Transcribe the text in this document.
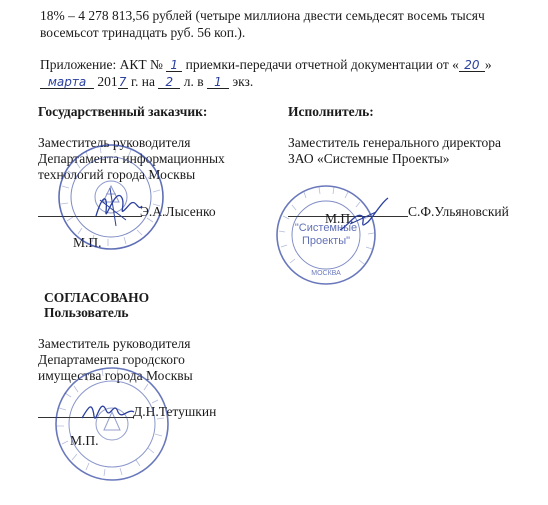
18% – 4 278 813,56 рублей (четыре миллиона двести семьдесят восемь тысяч
восемьсот тринадцать руб. 56 коп.).
Приложение: АКТ № 1 приемки-передачи отчетной документации от « 20 »
марта 2017 г. на 2 л. в 1 экз.
Государственный заказчик:
Заместитель руководителя
Департамента информационных
технологий города Москвы
Э.А.Лысенко
М.П.
Исполнитель:
Заместитель генерального директора
ЗАО «Системные Проекты»
С.Ф.Ульяновский
М.П.
МОСКВА
"Системные Проекты"
СОГЛАСОВАНО
Пользователь
Заместитель руководителя
Департамента городского
имущества города Москвы
Д.Н.Тетушкин
М.П.
